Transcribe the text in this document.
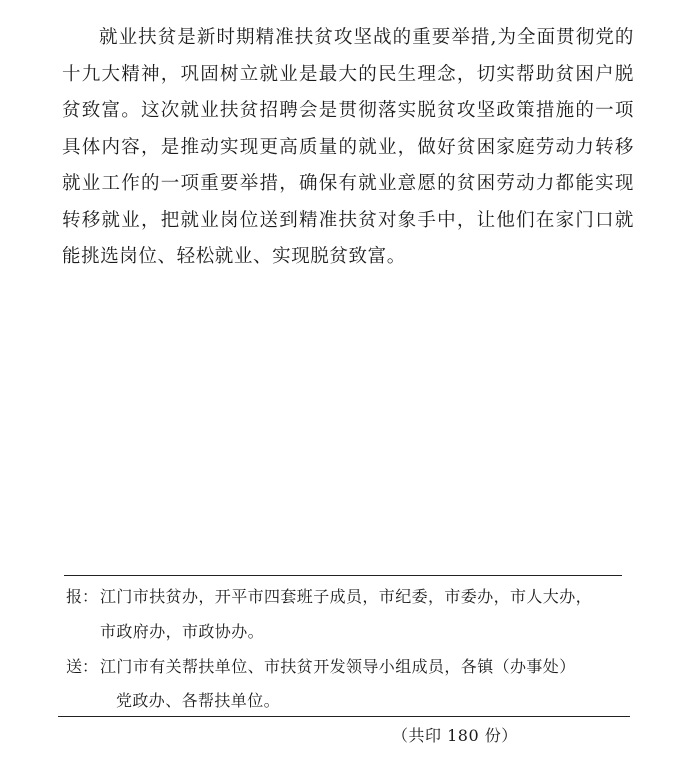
就业扶贫是新时期精准扶贫攻坚战的重要举措,为全面贯彻党的十九大精神，巩固树立就业是最大的民生理念，切实帮助贫困户脱贫致富。这次就业扶贫招聘会是贯彻落实脱贫攻坚政策措施的一项具体内容，是推动实现更高质量的就业，做好贫困家庭劳动力转移就业工作的一项重要举措，确保有就业意愿的贫困劳动力都能实现转移就业，把就业岗位送到精准扶贫对象手中，让他们在家门口就能挑选岗位、轻松就业、实现脱贫致富。

报： 江门市扶贫办，开平市四套班子成员，市纪委，市委办，市人大办，
市政府办，市政协办。
送： 江门市有关帮扶单位、市扶贫开发领导小组成员，各镇（办事处）
党政办、各帮扶单位。
（共印 180 份）
